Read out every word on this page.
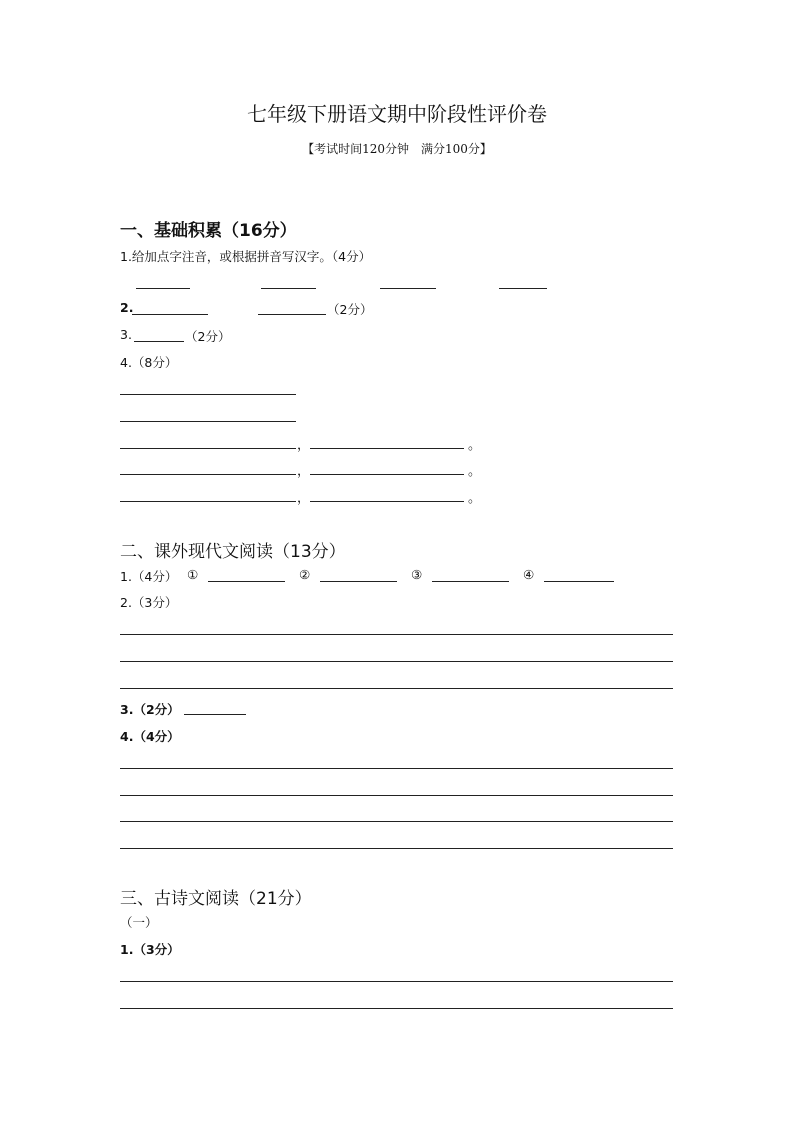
七年级下册语文期中阶段性评价卷
【考试时间120分钟　满分100分】
一、基础积累（16分）
1.给加点字注音，或根据拼音写汉字。（4分）
2.	（2分）
3.	（2分）
4.（8分）
，	。
，	。
，	。
二、课外现代文阅读（13分）
1.（4分） ①	②	③	④
2.（3分）
3.（2分）
4.（4分）
三、古诗文阅读（21分）
（一）
1.（3分）
